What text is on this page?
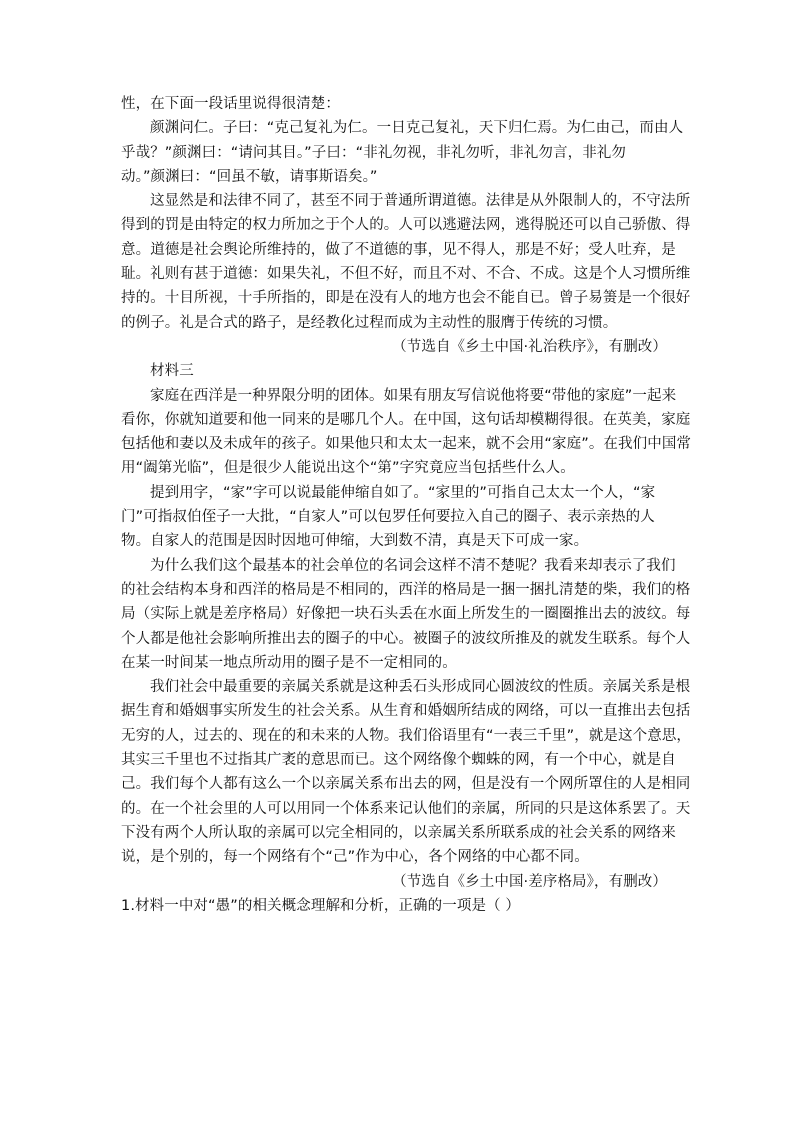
性，在下面一段话里说得很清楚：
颜渊问仁。子曰：“克己复礼为仁。一日克己复礼，天下归仁焉。为仁由己，而由人
乎哉？”颜渊曰：“请问其目。”子曰：“非礼勿视，非礼勿听，非礼勿言，非礼勿
动。”颜渊曰：“回虽不敏，请事斯语矣。”
这显然是和法律不同了，甚至不同于普通所谓道德。法律是从外限制人的，不守法所
得到的罚是由特定的权力所加之于个人的。人可以逃避法网，逃得脱还可以自己骄傲、得
意。道德是社会舆论所维持的，做了不道德的事，见不得人，那是不好；受人吐弃，是
耻。礼则有甚于道德：如果失礼，不但不好，而且不对、不合、不成。这是个人习惯所维
持的。十目所视，十手所指的，即是在没有人的地方也会不能自已。曾子易箦是一个很好
的例子。礼是合式的路子，是经教化过程而成为主动性的服膺于传统的习惯。
（节选自《乡土中国·礼治秩序》，有删改）
材料三
家庭在西洋是一种界限分明的团体。如果有朋友写信说他将要“带他的家庭”一起来
看你，你就知道要和他一同来的是哪几个人。在中国，这句话却模糊得很。在英美，家庭
包括他和妻以及未成年的孩子。如果他只和太太一起来，就不会用“家庭”。在我们中国常
用“阖第光临”，但是很少人能说出这个“第”字究竟应当包括些什么人。
提到用字，“家”字可以说最能伸缩自如了。“家里的”可指自己太太一个人，“家
门”可指叔伯侄子一大批，“自家人”可以包罗任何要拉入自己的圈子、表示亲热的人
物。自家人的范围是因时因地可伸缩，大到数不清，真是天下可成一家。
为什么我们这个最基本的社会单位的名词会这样不清不楚呢？我看来却表示了我们
的社会结构本身和西洋的格局是不相同的，西洋的格局是一捆一捆扎清楚的柴，我们的格
局（实际上就是差序格局）好像把一块石头丢在水面上所发生的一圈圈推出去的波纹。每
个人都是他社会影响所推出去的圈子的中心。被圈子的波纹所推及的就发生联系。每个人
在某一时间某一地点所动用的圈子是不一定相同的。
我们社会中最重要的亲属关系就是这种丢石头形成同心圆波纹的性质。亲属关系是根
据生育和婚姻事实所发生的社会关系。从生育和婚姻所结成的网络，可以一直推出去包括
无穷的人，过去的、现在的和未来的人物。我们俗语里有“一表三千里”，就是这个意思，
其实三千里也不过指其广袤的意思而已。这个网络像个蜘蛛的网，有一个中心，就是自
己。我们每个人都有这么一个以亲属关系布出去的网，但是没有一个网所罩住的人是相同
的。在一个社会里的人可以用同一个体系来记认他们的亲属，所同的只是这体系罢了。天
下没有两个人所认取的亲属可以完全相同的，以亲属关系所联系成的社会关系的网络来
说，是个别的，每一个网络有个“己”作为中心，各个网络的中心都不同。
（节选自《乡土中国·差序格局》，有删改）
1.材料一中对“愚”的相关概念理解和分析，正确的一项是（ ）
